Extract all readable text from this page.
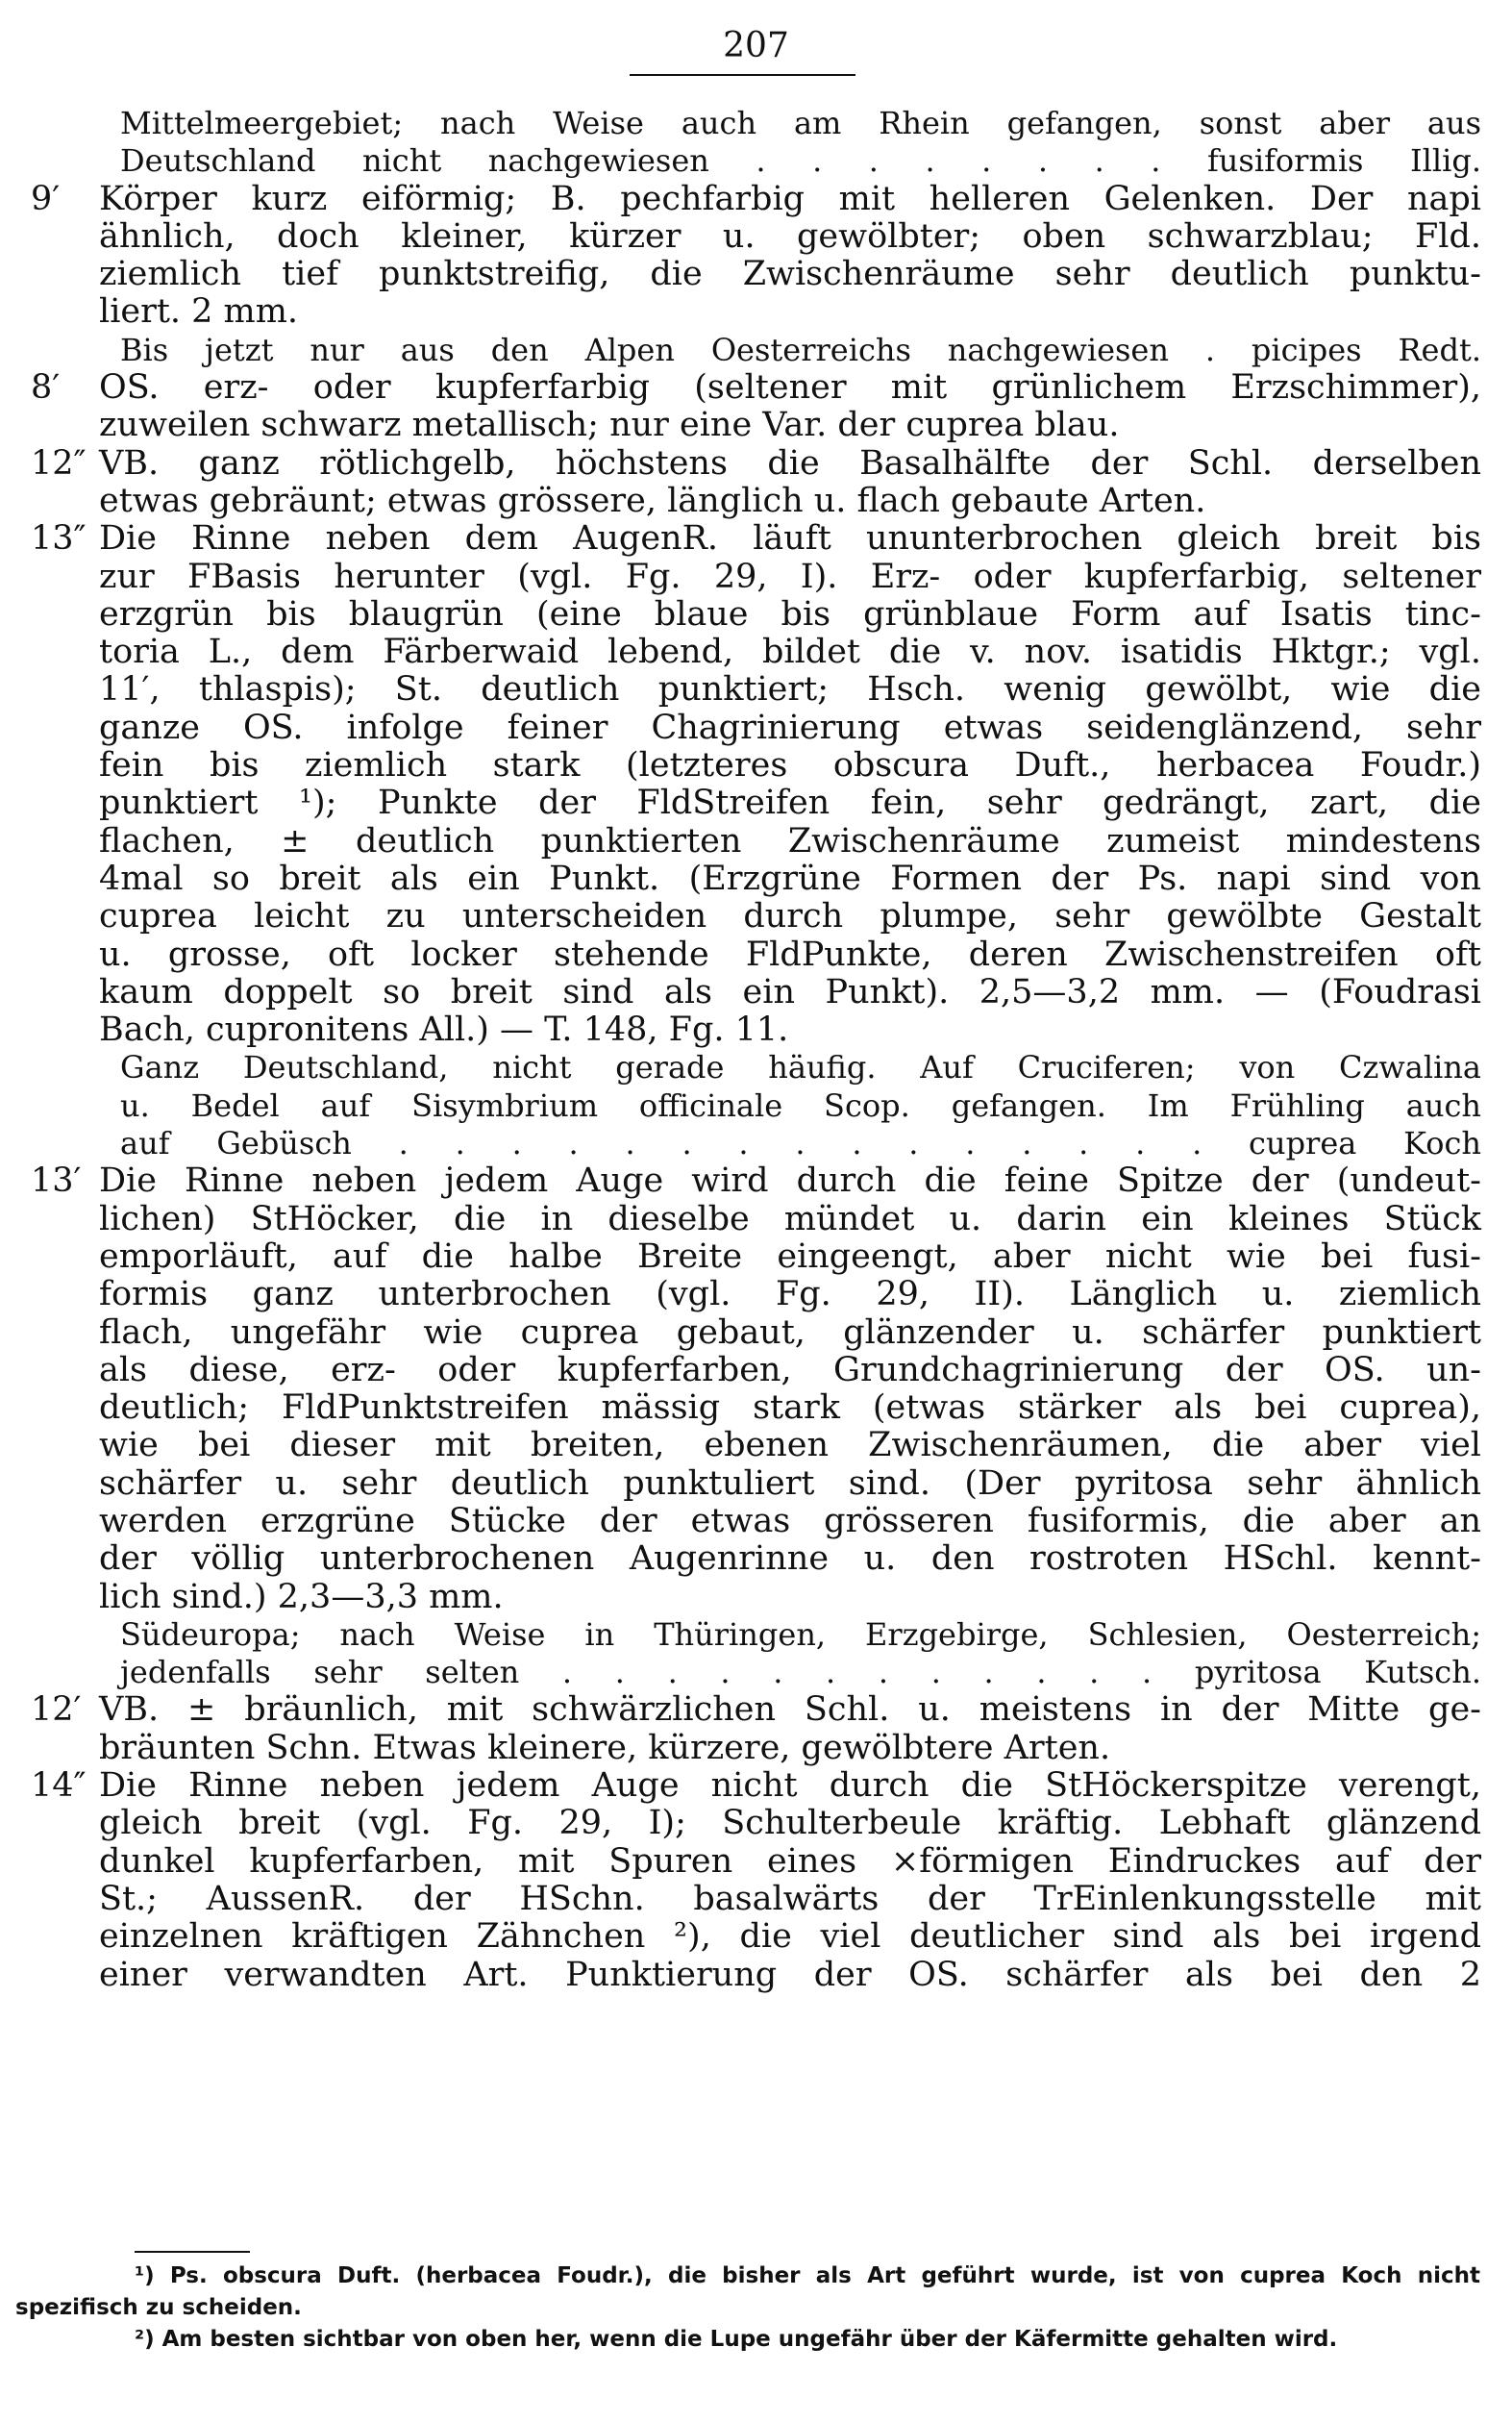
207
Mittelmeergebiet; nach Weise auch am Rhein gefangen, sonst aber aus
Deutschland nicht nachgewiesen . . . . . . . . fusiformis Illig.
9′ Körper kurz eiförmig; B. pechfarbig mit helleren Gelenken. Der napi
ähnlich, doch kleiner, kürzer u. gewölbter; oben schwarzblau; Fld.
ziemlich tief punktstreifig, die Zwischenräume sehr deutlich punktu-
liert. 2 mm.
Bis jetzt nur aus den Alpen Oesterreichs nachgewiesen . picipes Redt.
8′ OS. erz- oder kupferfarbig (seltener mit grünlichem Erzschimmer),
zuweilen schwarz metallisch; nur eine Var. der cuprea blau.
12″ VB. ganz rötlichgelb, höchstens die Basalhälfte der Schl. derselben
etwas gebräunt; etwas grössere, länglich u. flach gebaute Arten.
13″ Die Rinne neben dem AugenR. läuft ununterbrochen gleich breit bis
zur FBasis herunter (vgl. Fg. 29, I). Erz- oder kupferfarbig, seltener
erzgrün bis blaugrün (eine blaue bis grünblaue Form auf Isatis tinc-
toria L., dem Färberwaid lebend, bildet die v. nov. isatidis Hktgr.; vgl.
11′, thlaspis); St. deutlich punktiert; Hsch. wenig gewölbt, wie die
ganze OS. infolge feiner Chagrinierung etwas seidenglänzend, sehr
fein bis ziemlich stark (letzteres obscura Duft., herbacea Foudr.)
punktiert ¹); Punkte der FldStreifen fein, sehr gedrängt, zart, die
flachen, ± deutlich punktierten Zwischenräume zumeist mindestens
4mal so breit als ein Punkt. (Erzgrüne Formen der Ps. napi sind von
cuprea leicht zu unterscheiden durch plumpe, sehr gewölbte Gestalt
u. grosse, oft locker stehende FldPunkte, deren Zwischenstreifen oft
kaum doppelt so breit sind als ein Punkt). 2,5—3,2 mm. — (Foudrasi
Bach, cupronitens All.) — T. 148, Fg. 11.
Ganz Deutschland, nicht gerade häufig. Auf Cruciferen; von Czwalina
u. Bedel auf Sisymbrium officinale Scop. gefangen. Im Frühling auch
auf Gebüsch . . . . . . . . . . . . . . . cuprea Koch
13′ Die Rinne neben jedem Auge wird durch die feine Spitze der (undeut-
lichen) StHöcker, die in dieselbe mündet u. darin ein kleines Stück
emporläuft, auf die halbe Breite eingeengt, aber nicht wie bei fusi-
formis ganz unterbrochen (vgl. Fg. 29, II). Länglich u. ziemlich
flach, ungefähr wie cuprea gebaut, glänzender u. schärfer punktiert
als diese, erz- oder kupferfarben, Grundchagrinierung der OS. un-
deutlich; FldPunktstreifen mässig stark (etwas stärker als bei cuprea),
wie bei dieser mit breiten, ebenen Zwischenräumen, die aber viel
schärfer u. sehr deutlich punktuliert sind. (Der pyritosa sehr ähnlich
werden erzgrüne Stücke der etwas grösseren fusiformis, die aber an
der völlig unterbrochenen Augenrinne u. den rostroten HSchl. kennt-
lich sind.) 2,3—3,3 mm.
Südeuropa; nach Weise in Thüringen, Erzgebirge, Schlesien, Oesterreich;
jedenfalls sehr selten . . . . . . . . . . . . pyritosa Kutsch.
12′ VB. ± bräunlich, mit schwärzlichen Schl. u. meistens in der Mitte ge-
bräunten Schn. Etwas kleinere, kürzere, gewölbtere Arten.
14″ Die Rinne neben jedem Auge nicht durch die StHöckerspitze verengt,
gleich breit (vgl. Fg. 29, I); Schulterbeule kräftig. Lebhaft glänzend
dunkel kupferfarben, mit Spuren eines ×förmigen Eindruckes auf der
St.; AussenR. der HSchn. basalwärts der TrEinlenkungsstelle mit
einzelnen kräftigen Zähnchen ²), die viel deutlicher sind als bei irgend
einer verwandten Art. Punktierung der OS. schärfer als bei den 2
¹) Ps. obscura Duft. (herbacea Foudr.), die bisher als Art geführt wurde, ist von cuprea Koch nicht
spezifisch zu scheiden.
²) Am besten sichtbar von oben her, wenn die Lupe ungefähr über der Käfermitte gehalten wird.
